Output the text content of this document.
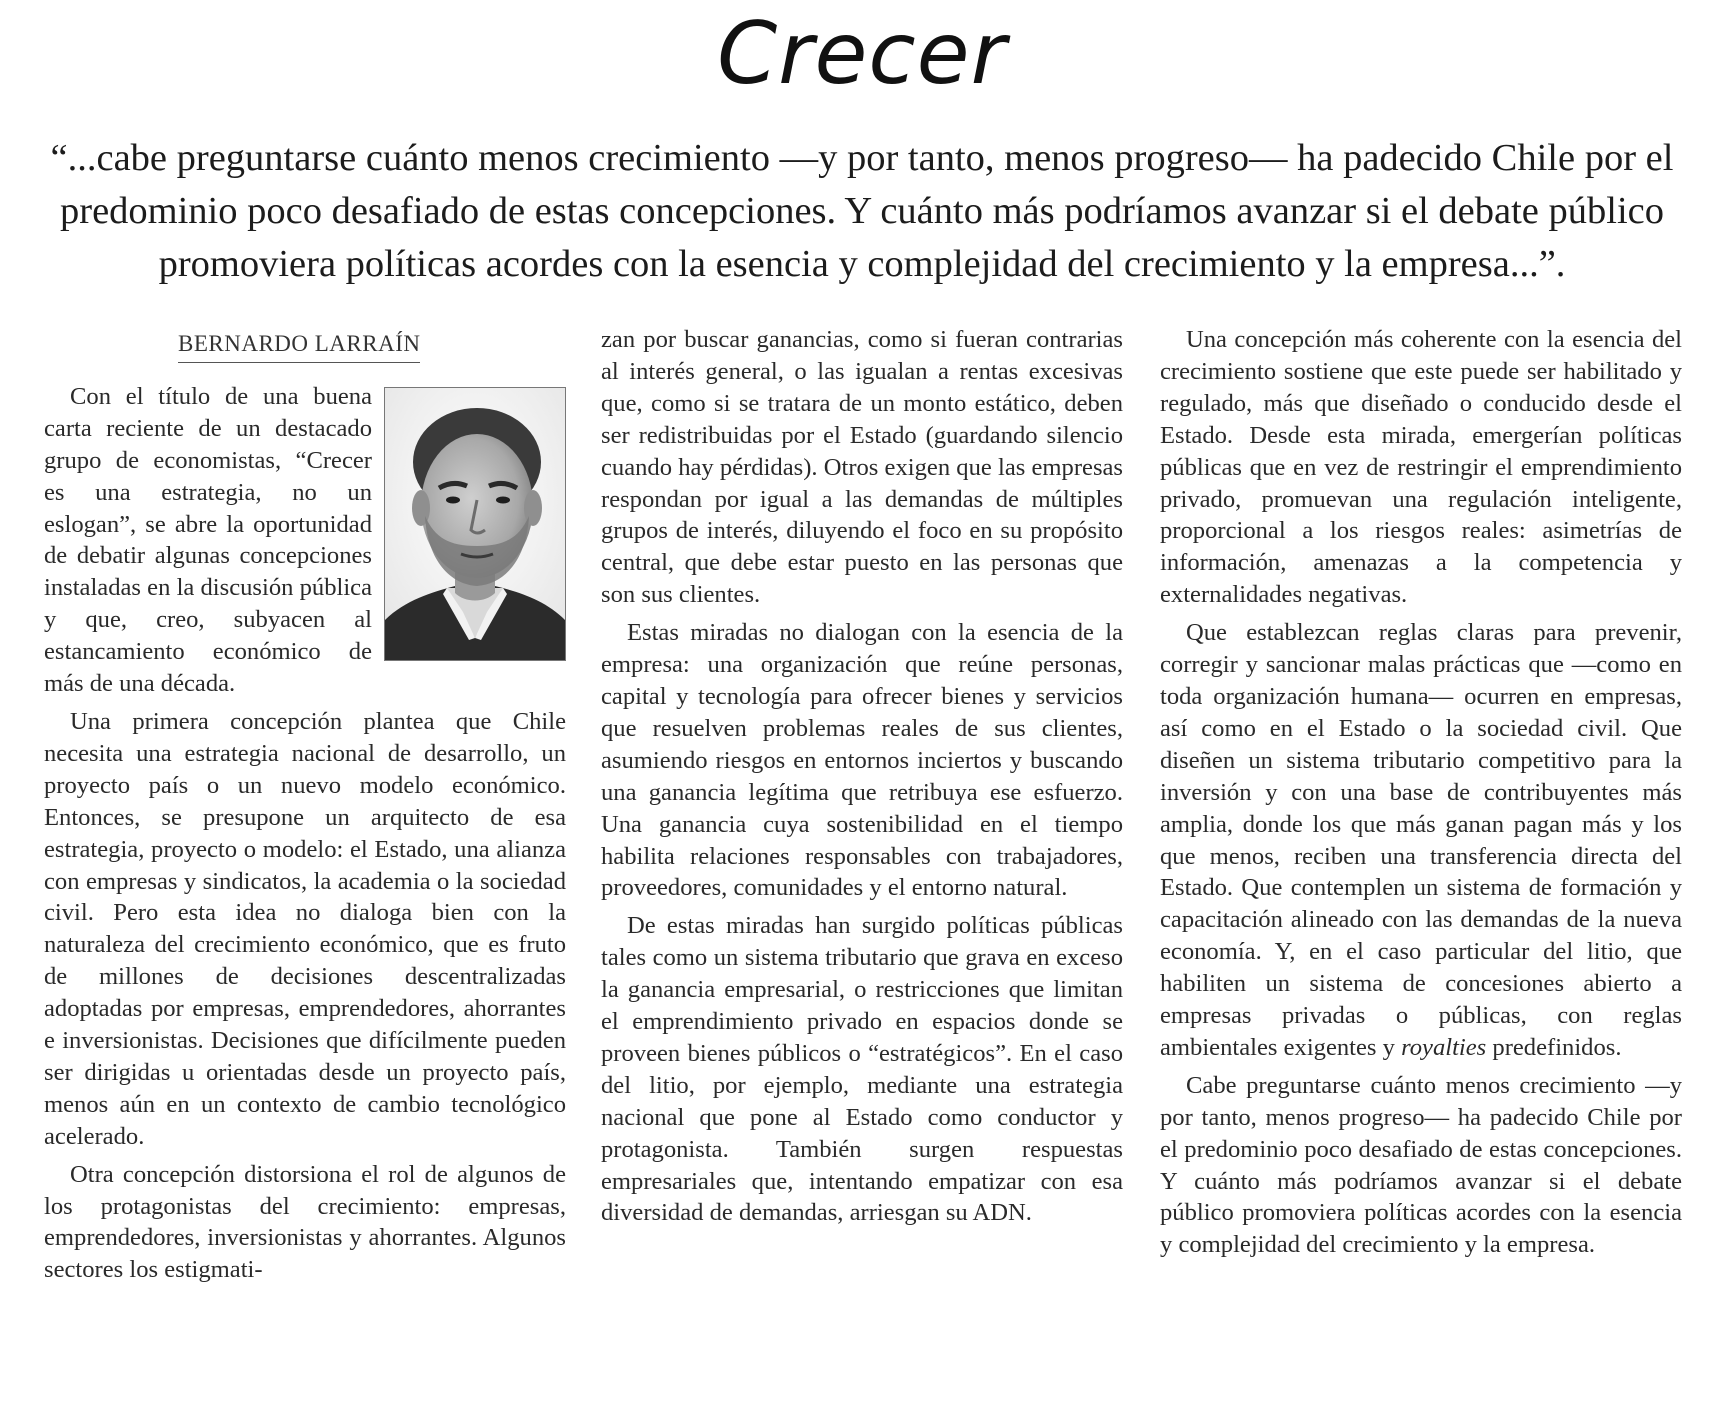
Crecer

“...cabe preguntarse cuánto menos crecimiento —y por tanto, menos progreso— ha padecido Chile por el predominio poco desafiado de estas concepciones. Y cuánto más podríamos avanzar si el debate público promoviera políticas acordes con la esencia y complejidad del crecimiento y la empresa...”.

BERNARDO LARRAÍN

Con el título de una buena carta reciente de un destacado grupo de economistas, “Crecer es una estrategia, no un eslogan”, se abre la oportunidad de debatir algunas concepciones instaladas en la discusión pública y que, creo, subyacen al estancamiento económico de más de una década.

Una primera concepción plantea que Chile necesita una estrategia nacional de desarrollo, un proyecto país o un nuevo modelo económico. Entonces, se presupone un arquitecto de esa estrategia, proyecto o modelo: el Estado, una alianza con empresas y sindicatos, la academia o la sociedad civil. Pero esta idea no dialoga bien con la naturaleza del crecimiento económico, que es fruto de millones de decisiones descentralizadas adoptadas por empresas, emprendedores, ahorrantes e inversionistas. Decisiones que difícilmente pueden ser dirigidas u orientadas desde un proyecto país, menos aún en un contexto de cambio tecnológico acelerado.

Otra concepción distorsiona el rol de algunos de los protagonistas del crecimiento: empresas, emprendedores, inversionistas y ahorrantes. Algunos sectores los estigmati-

zan por buscar ganancias, como si fueran contrarias al interés general, o las igualan a rentas excesivas que, como si se tratara de un monto estático, deben ser redistribuidas por el Estado (guardando silencio cuando hay pérdidas). Otros exigen que las empresas respondan por igual a las demandas de múltiples grupos de interés, diluyendo el foco en su propósito central, que debe estar puesto en las personas que son sus clientes.

Estas miradas no dialogan con la esencia de la empresa: una organización que reúne personas, capital y tecnología para ofrecer bienes y servicios que resuelven problemas reales de sus clientes, asumiendo riesgos en entornos inciertos y buscando una ganancia legítima que retribuya ese esfuerzo. Una ganancia cuya sostenibilidad en el tiempo habilita relaciones responsables con trabajadores, proveedores, comunidades y el entorno natural.

De estas miradas han surgido políticas públicas tales como un sistema tributario que grava en exceso la ganancia empresarial, o restricciones que limitan el emprendimiento privado en espacios donde se proveen bienes públicos o “estratégicos”. En el caso del litio, por ejemplo, mediante una estrategia nacional que pone al Estado como conductor y protagonista. También surgen respuestas empresariales que, intentando empatizar con esa diversidad de demandas, arriesgan su ADN.

Una concepción más coherente con la esencia del crecimiento sostiene que este puede ser habilitado y regulado, más que diseñado o conducido desde el Estado. Desde esta mirada, emergerían políticas públicas que en vez de restringir el emprendimiento privado, promuevan una regulación inteligente, proporcional a los riesgos reales: asimetrías de información, amenazas a la competencia y externalidades negativas.

Que establezcan reglas claras para prevenir, corregir y sancionar malas prácticas que —como en toda organización humana— ocurren en empresas, así como en el Estado o la sociedad civil. Que diseñen un sistema tributario competitivo para la inversión y con una base de contribuyentes más amplia, donde los que más ganan pagan más y los que menos, reciben una transferencia directa del Estado. Que contemplen un sistema de formación y capacitación alineado con las demandas de la nueva economía. Y, en el caso particular del litio, que habiliten un sistema de concesiones abierto a empresas privadas o públicas, con reglas ambientales exigentes y royalties predefinidos.

Cabe preguntarse cuánto menos crecimiento —y por tanto, menos progreso— ha padecido Chile por el predominio poco desafiado de estas concepciones. Y cuánto más podríamos avanzar si el debate público promoviera políticas acordes con la esencia y complejidad del crecimiento y la empresa.
